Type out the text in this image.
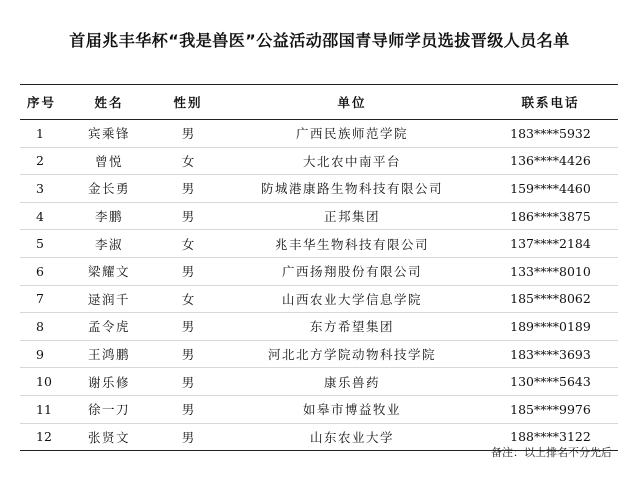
首届兆丰华杯“我是兽医”公益活动邵国青导师学员选拔晋级人员名单
序号	姓名	性别	单位	联系电话
1	宾乘锋	男	广西民族师范学院	183****5932
2	曾悦	女	大北农中南平台	136****4426
3	金长勇	男	防城港康路生物科技有限公司	159****4460
4	李鹏	男	正邦集团	186****3875
5	李淑	女	兆丰华生物科技有限公司	137****2184
6	梁耀文	男	广西扬翔股份有限公司	133****8010
7	逯润千	女	山西农业大学信息学院	185****8062
8	孟令虎	男	东方希望集团	189****0189
9	王鸿鹏	男	河北北方学院动物科技学院	183****3693
10	谢乐修	男	康乐兽药	130****5643
11	徐一刀	男	如皋市博益牧业	185****9976
12	张贤文	男	山东农业大学	188****3122
备注：以上排名不分先后
